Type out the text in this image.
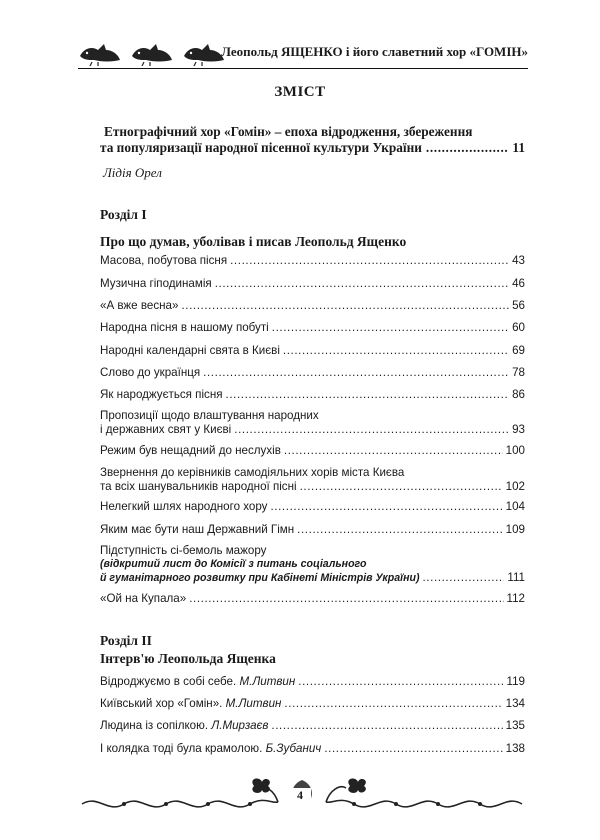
Леопольд ЯЩЕНКО і його славетний хор «ГОМІН»
ЗМІСТ
Етнографічний хор «Гомін» – епоха відродження, збереження
та популяризації народної пісенної культури України .....	11
Лідія Орел
Розділ I
Про що думав, уболівав і писав Леопольд Ященко
Масова, побутова пісня .....	43
Музична гіподинамія .....	46
«А вже весна» .....	56
Народна пісня в нашому побуті .....	60
Народні календарні свята в Києві .....	69
Слово до українця .....	78
Як народжується пісня .....	86
Пропозиції щодо влаштування народних
і державних свят у Києві .....	93
Режим був нещадний до неслухів .....	100
Звернення до керівників самодіяльних хорів міста Києва
та всіх шанувальників народної пісні .....	102
Нелегкий шлях народного хору .....	104
Яким має бути наш Державний Гімн .....	109
Підступність сі-бемоль мажору
(відкритий лист до Комісії з питань соціального
й гуманітарного розвитку при Кабінеті Міністрів України) .....	111
«Ой на Купала» .....	112
Розділ II
Інтерв'ю Леопольда Ященка
Відроджуємо в собі себе.
М.Литвин .....	119
Київський хор «Гомін».
М.Литвин .....	134
Людина із сопілкою.
Л.Мирзаєв .....	135
І колядка тоді була крамолою.
Б.Зубанич .....	138
4
